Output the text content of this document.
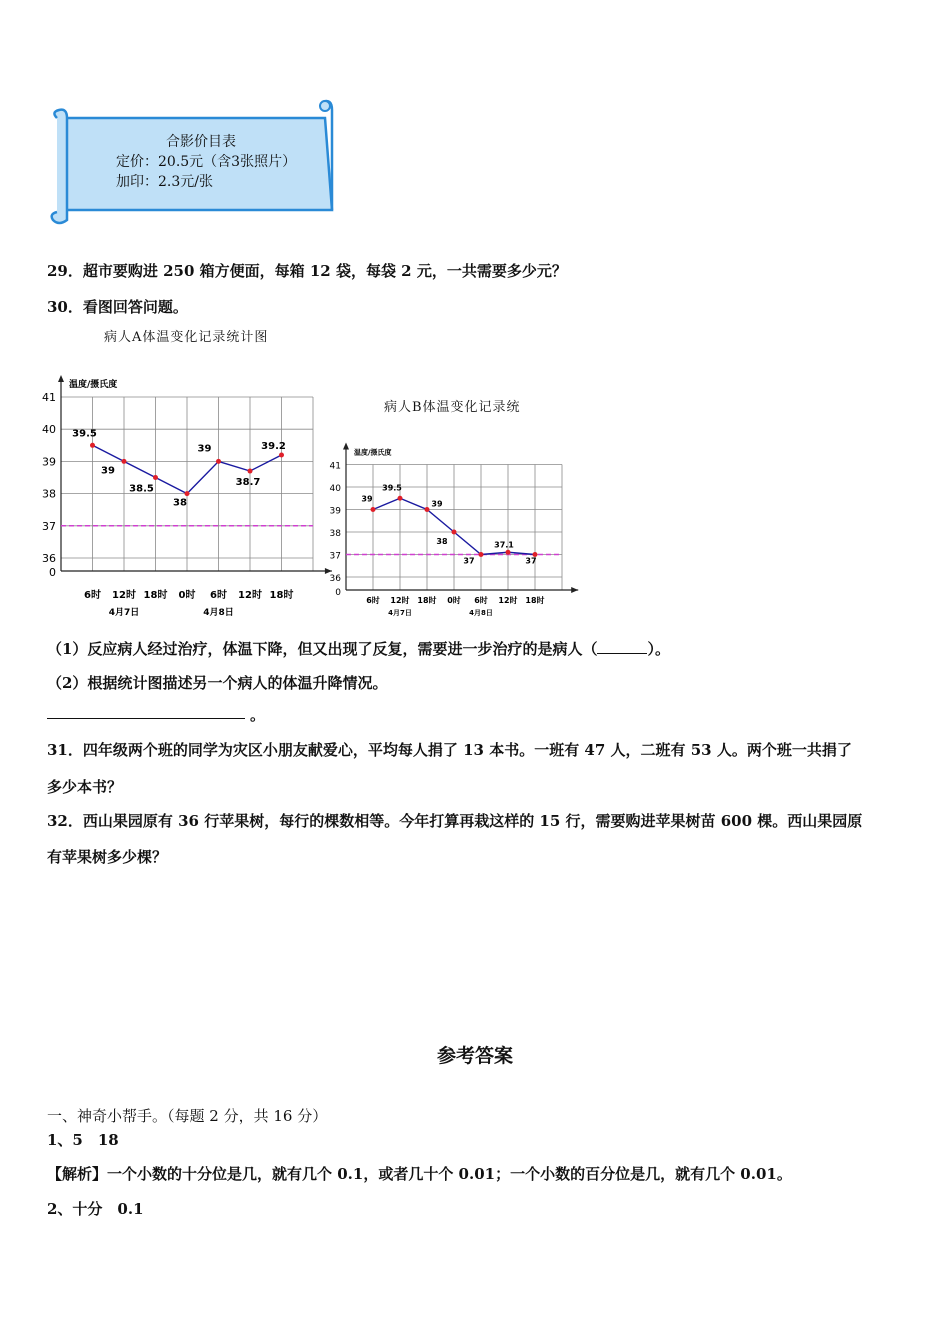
合影价目表
定价：20.5元（含3张照片）
加印：2.3元/张
29．超市要购进 250 箱方便面，每箱 12 袋，每袋 2 元，一共需要多少元？
30．看图回答问题。
病人A体温变化记录统计图
36
37
38
39
40
41
0
温度/摄氏度
39.5
39
38.5
38
39
38.7
39.2
6时 12时 18时 0时 6时 12时 18时
4月7日	4月8日
病人B体温变化记录统
36
37
38
39
40
41
0
温度/摄氏度
39
39.5
39
38
37
37.1
37
6时 12时 18时 0时 6时 12时 18时
4月7日	4月8日
（1）反应病人经过治疗，体温下降，但又出现了反复，需要进一步治疗的是病人（	）。
（2）根据统计图描述另一个病人的体温升降情况。
。
31．四年级两个班的同学为灾区小朋友献爱心，平均每人捐了 13 本书。一班有 47 人，二班有 53 人。两个班一共捐了
多少本书？
32．西山果园原有 36 行苹果树，每行的棵数相等。今年打算再栽这样的 15 行，需要购进苹果树苗 600 棵。西山果园原
有苹果树多少棵？
参考答案
一、神奇小帮手。（每题 2 分，共 16 分）
1、5　18
【解析】一个小数的十分位是几，就有几个 0.1，或者几十个 0.01；一个小数的百分位是几，就有几个 0.01。
2、十分　0.1
